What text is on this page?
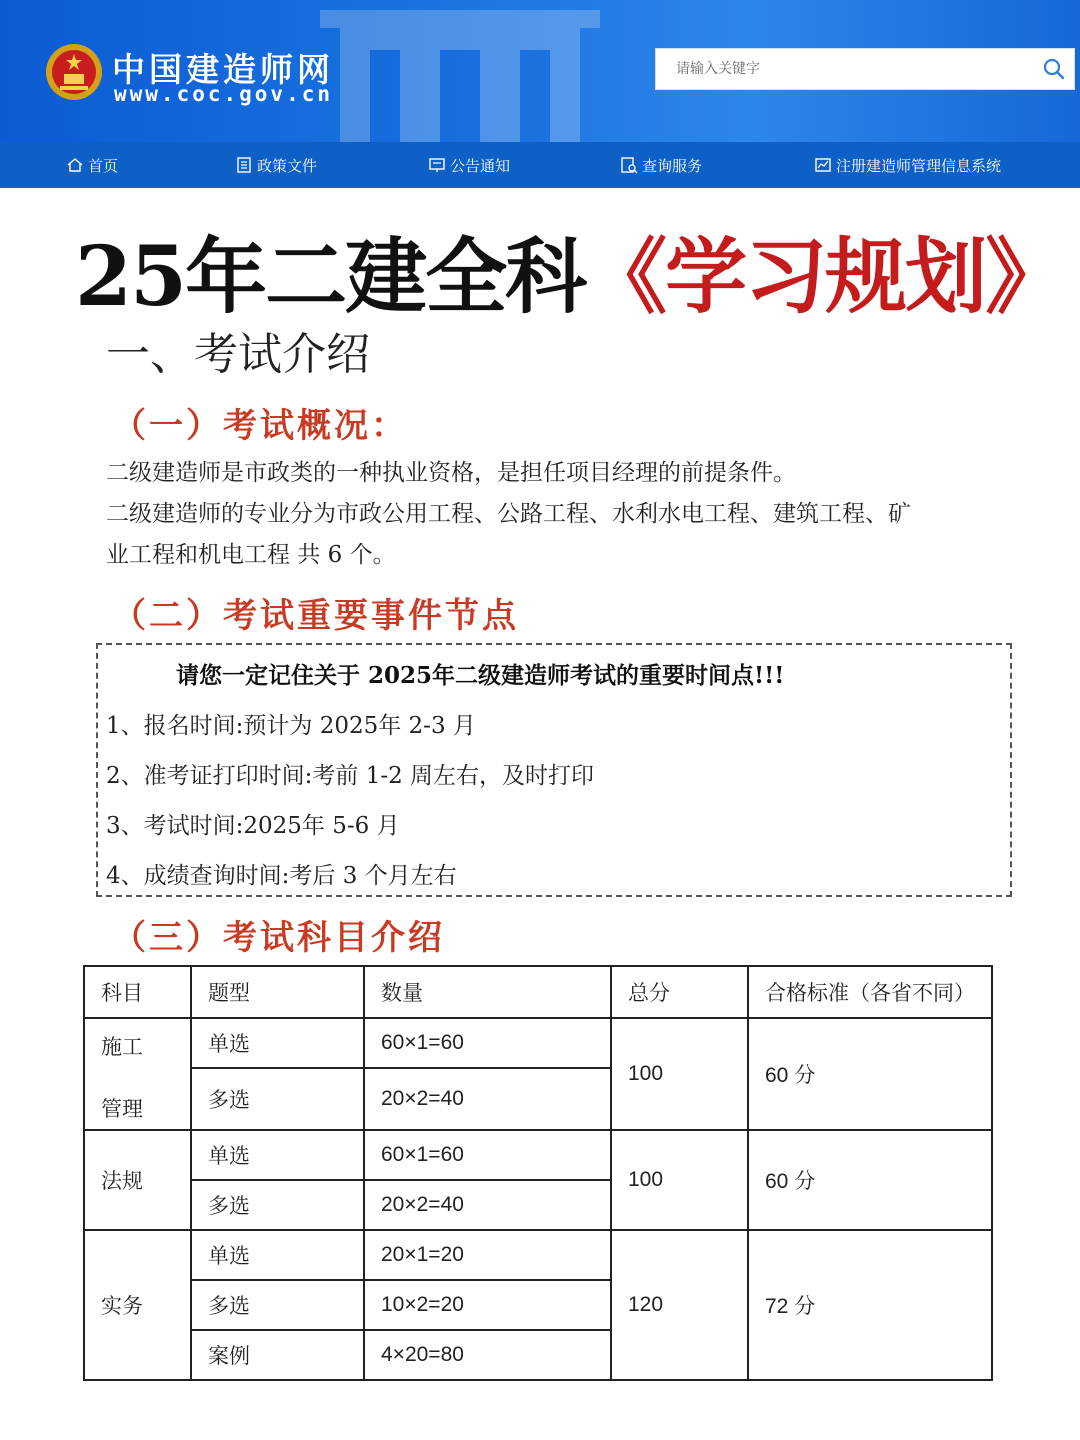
中国建造师网
www.coc.gov.cn
请输入关键字
首页	政策文件	公告通知	查询服务	注册建造师管理信息系统
25年二建全科《学习规划》
一、考试介绍
（一）考试概况：
二级建造师是市政类的一种执业资格，是担任项目经理的前提条件。
二级建造师的专业分为市政公用工程、公路工程、水利水电工程、建筑工程、矿
业工程和机电工程 共 6 个。
（二）考试重要事件节点
请您一定记住关于 2025年二级建造师考试的重要时间点!!!
1、报名时间:预计为 2025年 2-3 月
2、准考证打印时间:考前 1-2 周左右，及时打印
3、考试时间:2025年 5-6 月
4、成绩查询时间:考后 3 个月左右
（三）考试科目介绍
科目	题型	数量	总分	合格标准（各省不同）

施工
管理	单选	60×1=60	100	60 分
	多选	20×2=40		
法规	单选	60×1=60	100	60 分
	多选	20×2=40		
实务	单选	20×1=20	120	72 分
	多选	10×2=20		
	案例	4×20=80		
